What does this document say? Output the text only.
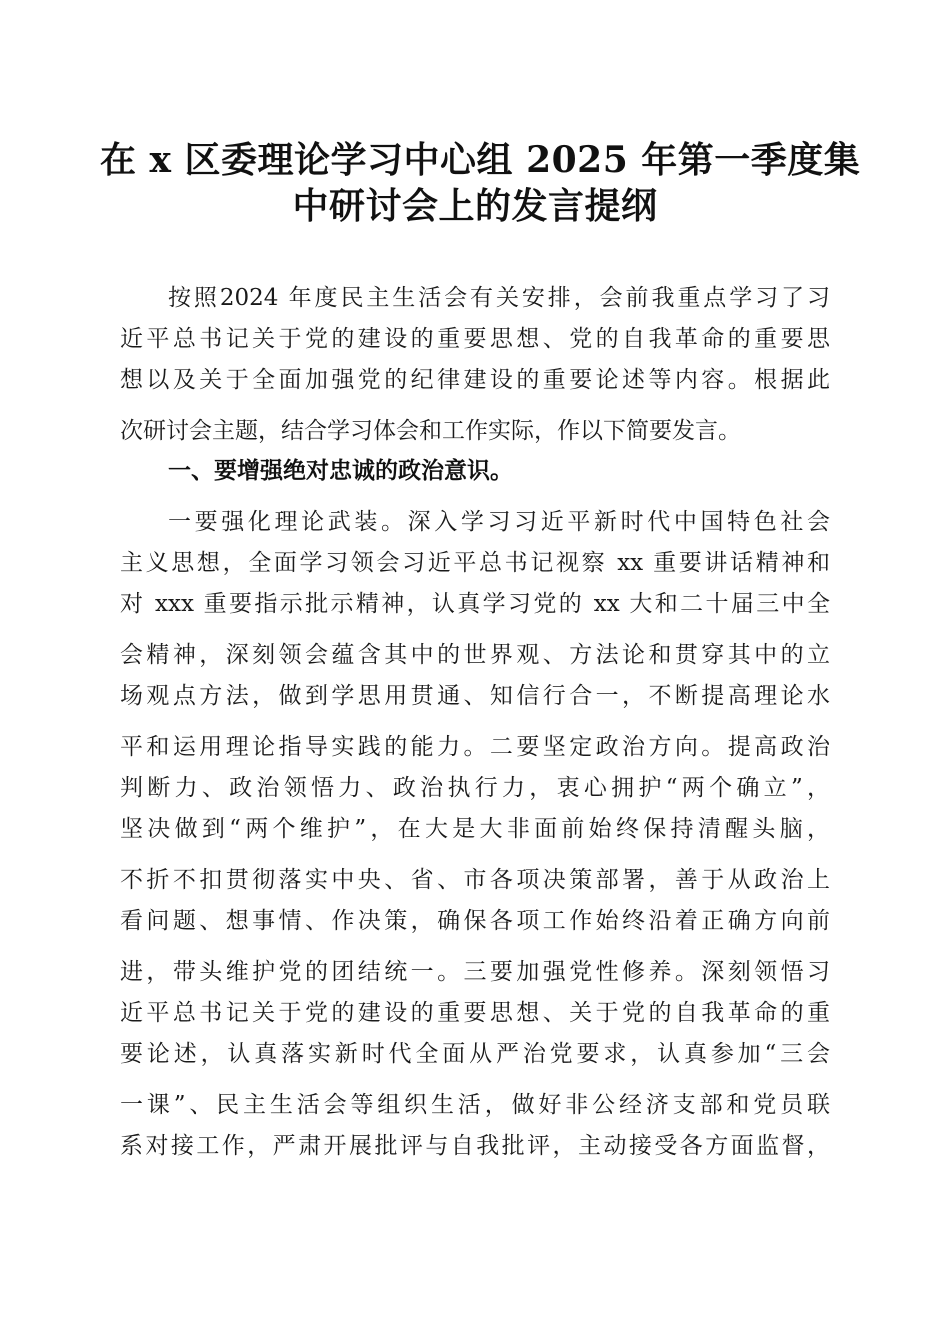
在 x 区委理论学习中心组 2025 年第一季度集
中研讨会上的发言提纲
按照2024 年度民主生活会有关安排，会前我重点学习了习
近平总书记关于党的建设的重要思想、党的自我革命的重要思
想以及关于全面加强党的纪律建设的重要论述等内容。根据此
次研讨会主题，结合学习体会和工作实际，作以下简要发言。
一、要增强绝对忠诚的政治意识。
一要强化理论武装。深入学习习近平新时代中国特色社会
主义思想，全面学习领会习近平总书记视察 xx 重要讲话精神和
对 xxx 重要指示批示精神，认真学习党的 xx 大和二十届三中全
会精神，深刻领会蕴含其中的世界观、方法论和贯穿其中的立
场观点方法，做到学思用贯通、知信行合一，不断提高理论水
平和运用理论指导实践的能力。二要坚定政治方向。提高政治
判断力、政治领悟力、政治执行力，衷心拥护“两个确立”，
坚决做到“两个维护”，在大是大非面前始终保持清醒头脑，
不折不扣贯彻落实中央、省、市各项决策部署，善于从政治上
看问题、想事情、作决策，确保各项工作始终沿着正确方向前
进，带头维护党的团结统一。三要加强党性修养。深刻领悟习
近平总书记关于党的建设的重要思想、关于党的自我革命的重
要论述，认真落实新时代全面从严治党要求，认真参加“三会
一课”、民主生活会等组织生活，做好非公经济支部和党员联
系对接工作，严肃开展批评与自我批评，主动接受各方面监督，
